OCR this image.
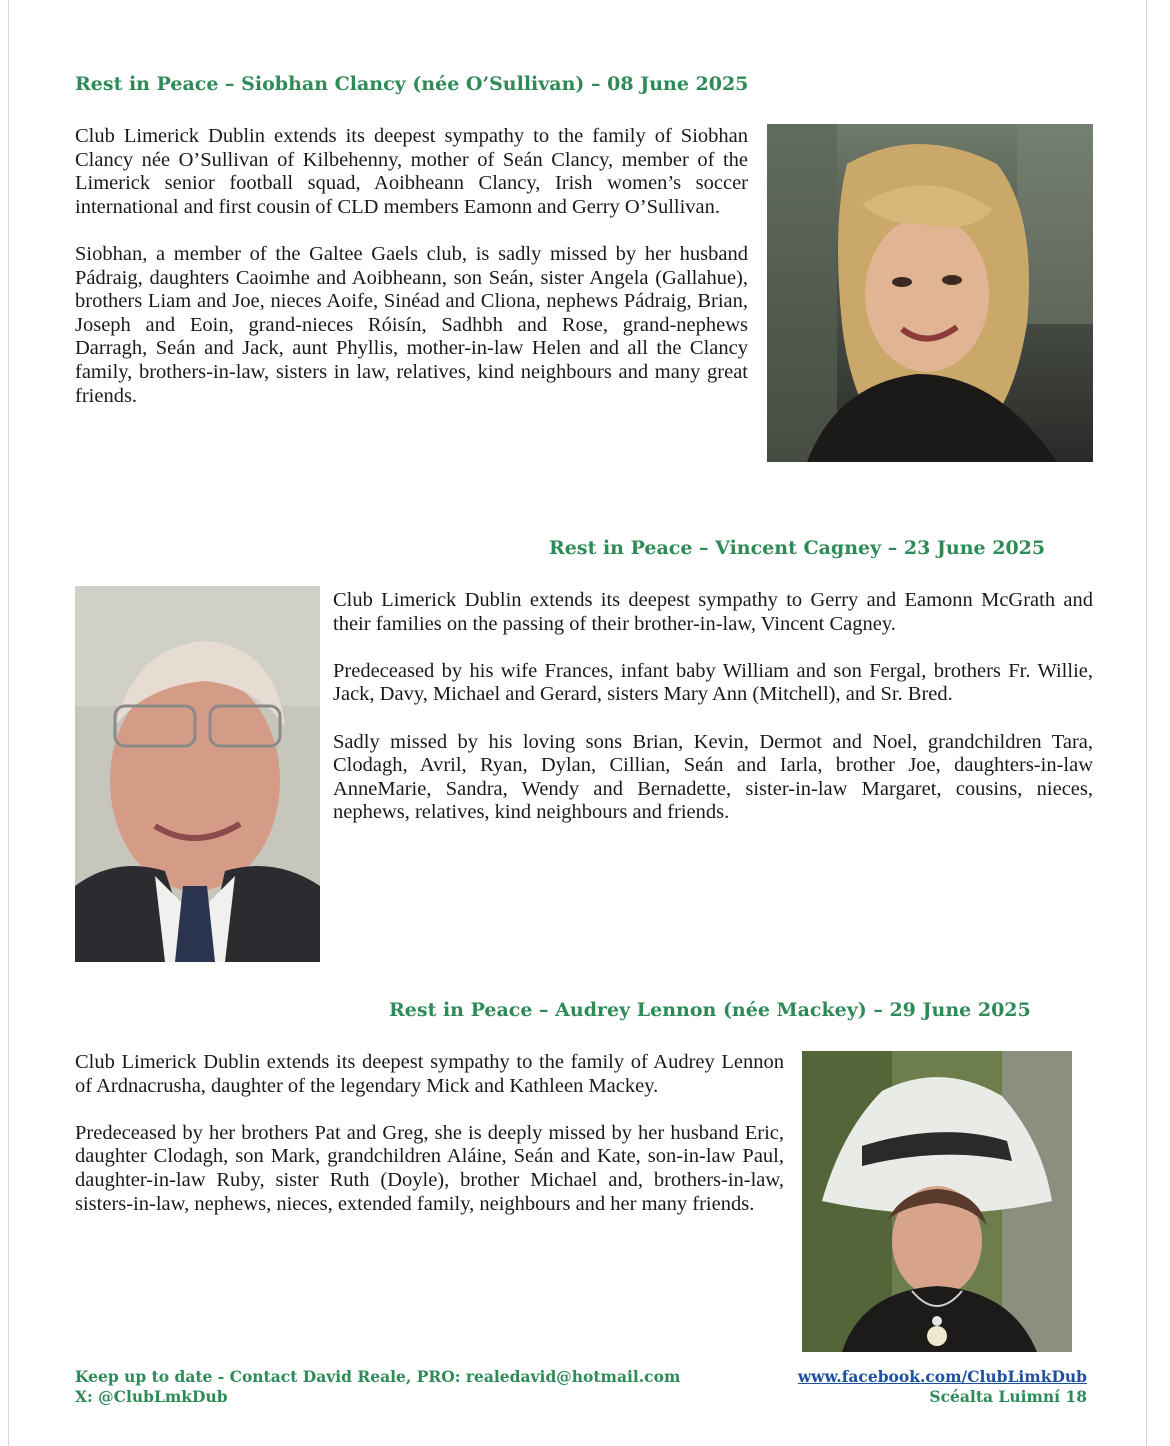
Rest in Peace – Siobhan Clancy (née O’Sullivan) – 08 June 2025

Club Limerick Dublin extends its deepest sympathy to the family of Siobhan Clancy née O’Sullivan of Kilbehenny, mother of Seán Clancy, member of the Limerick senior football squad, Aoibheann Clancy, Irish women’s soccer international and first cousin of CLD members Eamonn and Gerry O’Sullivan.

Siobhan, a member of the Galtee Gaels club, is sadly missed by her husband Pádraig, daughters Caoimhe and Aoibheann, son Seán, sister Angela (Gallahue), brothers Liam and Joe, nieces Aoife, Sinéad and Cliona, nephews Pádraig, Brian, Joseph and Eoin, grand-nieces Róisín, Sadhbh and Rose, grand-nephews Darragh, Seán and Jack, aunt Phyllis, mother-in-law Helen and all the Clancy family, brothers-in-law, sisters in law, relatives, kind neighbours and many great friends.

Rest in Peace – Vincent Cagney – 23 June 2025

Club Limerick Dublin extends its deepest sympathy to Gerry and Eamonn McGrath and their families on the passing of their brother-in-law, Vincent Cagney.

Predeceased by his wife Frances, infant baby William and son Fergal, brothers Fr. Willie, Jack, Davy, Michael and Gerard, sisters Mary Ann (Mitchell), and Sr. Bred.

Sadly missed by his loving sons Brian, Kevin, Dermot and Noel, grandchildren Tara, Clodagh, Avril, Ryan, Dylan, Cillian, Seán and Iarla, brother Joe, daughters-in-law AnneMarie, Sandra, Wendy and Bernadette, sister-in-law Margaret, cousins, nieces, nephews, relatives, kind neighbours and friends.

Rest in Peace – Audrey Lennon (née Mackey) – 29 June 2025

Club Limerick Dublin extends its deepest sympathy to the family of Audrey Lennon of Ardnacrusha, daughter of the legendary Mick and Kathleen Mackey.

Predeceased by her brothers Pat and Greg, she is deeply missed by her husband Eric, daughter Clodagh, son Mark, grandchildren Aláine, Seán and Kate, son-in-law Paul, daughter-in-law Ruby, sister Ruth (Doyle), brother Michael and, brothers-in-law, sisters-in-law, nephews, nieces, extended family, neighbours and her many friends.

Keep up to date - Contact David Reale, PRO: realedavid@hotmail.com	www.facebook.com/ClubLimkDub
X: @ClubLmkDub	Scéalta Luimní 18
